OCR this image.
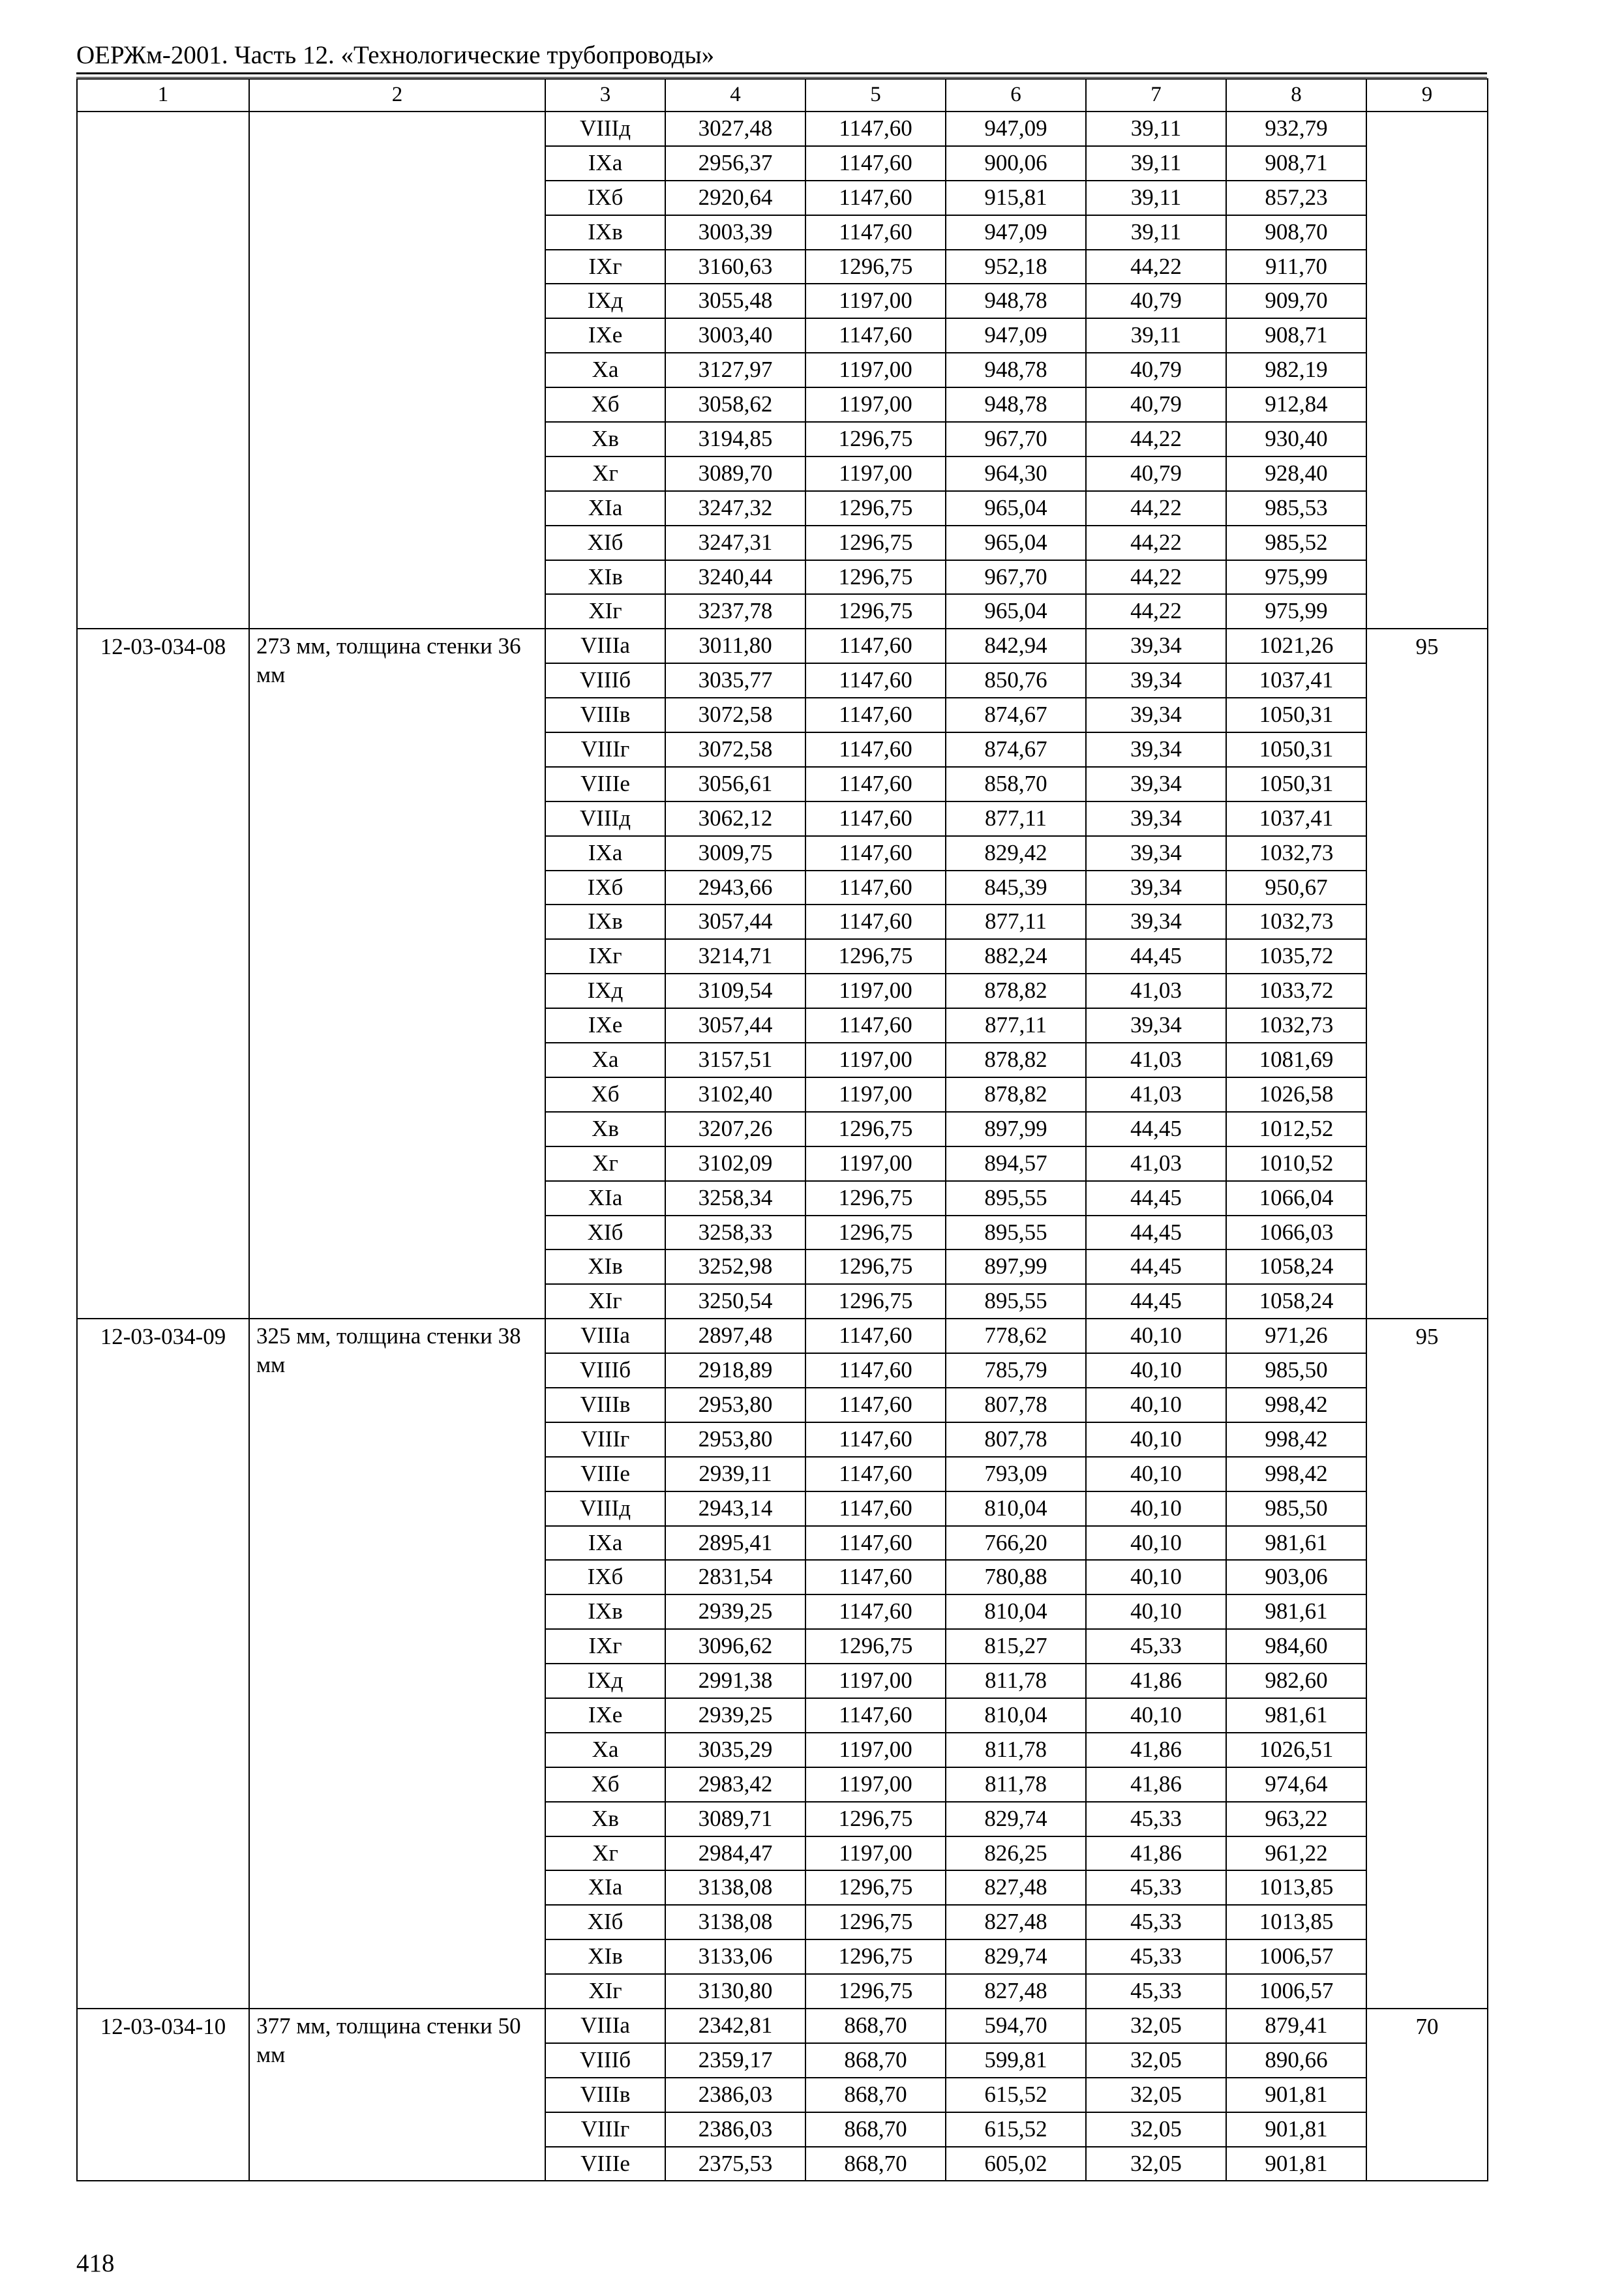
ОЕРЖм-2001. Часть 12. «Технологические трубопроводы»
1	2	3	4	5	6	7	8	9
		VIIIд	3027,48	1147,60	947,09	39,11	932,79	
		IXа	2956,37	1147,60	900,06	39,11	908,71	
		IXб	2920,64	1147,60	915,81	39,11	857,23	
		IXв	3003,39	1147,60	947,09	39,11	908,70	
		IXг	3160,63	1296,75	952,18	44,22	911,70	
		IXд	3055,48	1197,00	948,78	40,79	909,70	
		IXе	3003,40	1147,60	947,09	39,11	908,71	
		Xа	3127,97	1197,00	948,78	40,79	982,19	
		Xб	3058,62	1197,00	948,78	40,79	912,84	
		Xв	3194,85	1296,75	967,70	44,22	930,40	
		Xг	3089,70	1197,00	964,30	40,79	928,40	
		XIа	3247,32	1296,75	965,04	44,22	985,53	
		XIб	3247,31	1296,75	965,04	44,22	985,52	
		XIв	3240,44	1296,75	967,70	44,22	975,99	
		XIг	3237,78	1296,75	965,04	44,22	975,99	
12-03-034-08	273 мм, толщина стенки 36 мм	VIIIа	3011,80	1147,60	842,94	39,34	1021,26	95
		VIIIб	3035,77	1147,60	850,76	39,34	1037,41	
		VIIIв	3072,58	1147,60	874,67	39,34	1050,31	
		VIIIг	3072,58	1147,60	874,67	39,34	1050,31	
		VIIIе	3056,61	1147,60	858,70	39,34	1050,31	
		VIIIд	3062,12	1147,60	877,11	39,34	1037,41	
		IXа	3009,75	1147,60	829,42	39,34	1032,73	
		IXб	2943,66	1147,60	845,39	39,34	950,67	
		IXв	3057,44	1147,60	877,11	39,34	1032,73	
		IXг	3214,71	1296,75	882,24	44,45	1035,72	
		IXд	3109,54	1197,00	878,82	41,03	1033,72	
		IXе	3057,44	1147,60	877,11	39,34	1032,73	
		Xа	3157,51	1197,00	878,82	41,03	1081,69	
		Xб	3102,40	1197,00	878,82	41,03	1026,58	
		Xв	3207,26	1296,75	897,99	44,45	1012,52	
		Xг	3102,09	1197,00	894,57	41,03	1010,52	
		XIа	3258,34	1296,75	895,55	44,45	1066,04	
		XIб	3258,33	1296,75	895,55	44,45	1066,03	
		XIв	3252,98	1296,75	897,99	44,45	1058,24	
		XIг	3250,54	1296,75	895,55	44,45	1058,24	
12-03-034-09	325 мм, толщина стенки 38 мм	VIIIа	2897,48	1147,60	778,62	40,10	971,26	95
		VIIIб	2918,89	1147,60	785,79	40,10	985,50	
		VIIIв	2953,80	1147,60	807,78	40,10	998,42	
		VIIIг	2953,80	1147,60	807,78	40,10	998,42	
		VIIIе	2939,11	1147,60	793,09	40,10	998,42	
		VIIIд	2943,14	1147,60	810,04	40,10	985,50	
		IXа	2895,41	1147,60	766,20	40,10	981,61	
		IXб	2831,54	1147,60	780,88	40,10	903,06	
		IXв	2939,25	1147,60	810,04	40,10	981,61	
		IXг	3096,62	1296,75	815,27	45,33	984,60	
		IXд	2991,38	1197,00	811,78	41,86	982,60	
		IXе	2939,25	1147,60	810,04	40,10	981,61	
		Xа	3035,29	1197,00	811,78	41,86	1026,51	
		Xб	2983,42	1197,00	811,78	41,86	974,64	
		Xв	3089,71	1296,75	829,74	45,33	963,22	
		Xг	2984,47	1197,00	826,25	41,86	961,22	
		XIа	3138,08	1296,75	827,48	45,33	1013,85	
		XIб	3138,08	1296,75	827,48	45,33	1013,85	
		XIв	3133,06	1296,75	829,74	45,33	1006,57	
		XIг	3130,80	1296,75	827,48	45,33	1006,57	
12-03-034-10	377 мм, толщина стенки 50 мм	VIIIа	2342,81	868,70	594,70	32,05	879,41	70
		VIIIб	2359,17	868,70	599,81	32,05	890,66	
		VIIIв	2386,03	868,70	615,52	32,05	901,81	
		VIIIг	2386,03	868,70	615,52	32,05	901,81	
		VIIIе	2375,53	868,70	605,02	32,05	901,81	
418
